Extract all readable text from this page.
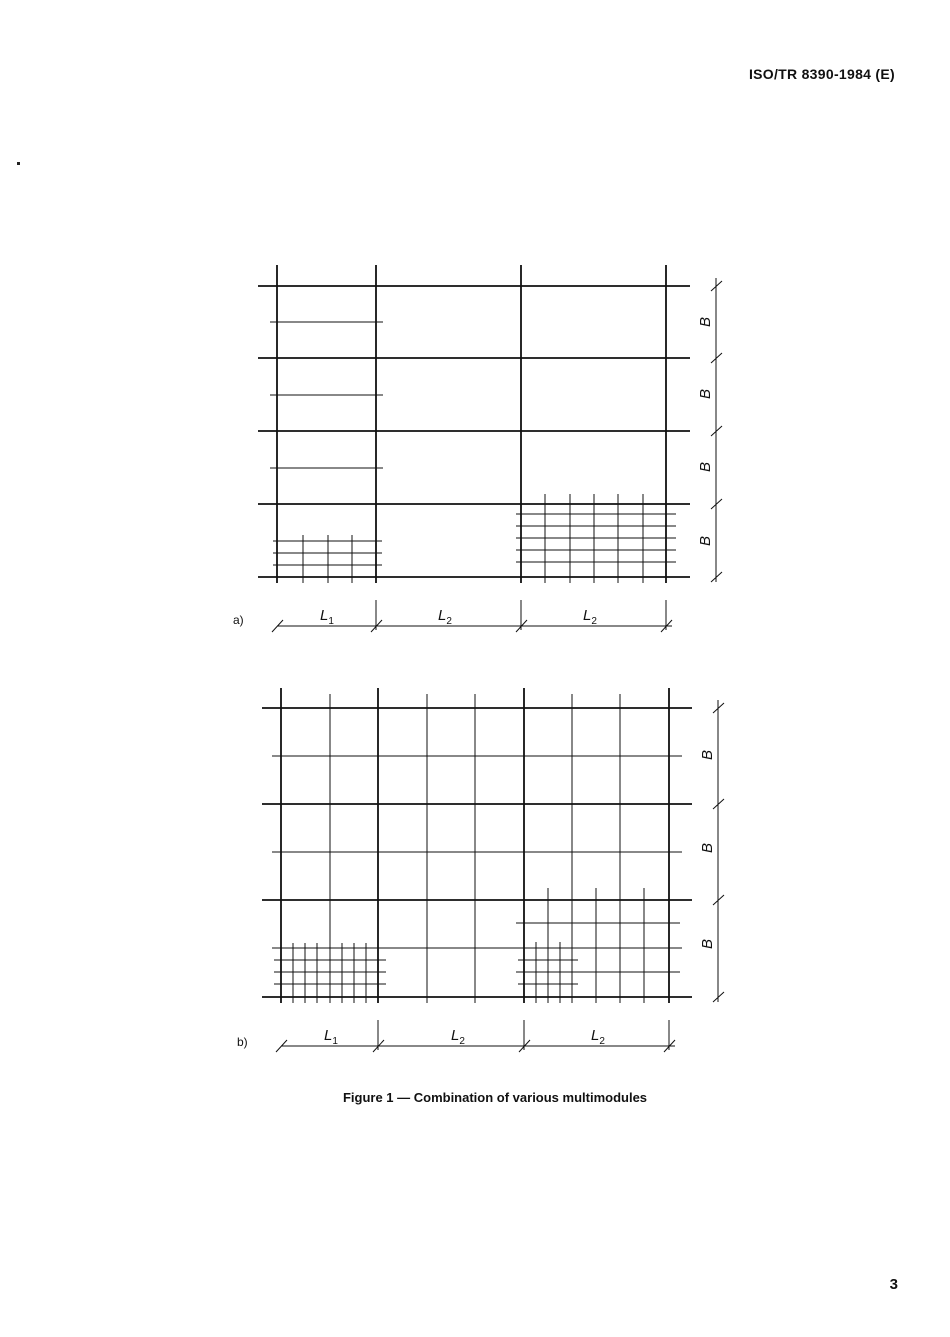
ISO/TR 8390-1984 (E)
B
B
B
B
$L_1$	$L_2$	$L_2$
a)
B
B
B
$L_1$	$L_2$	$L_2$
b)
Figure 1 — Combination of various multimodules
3
